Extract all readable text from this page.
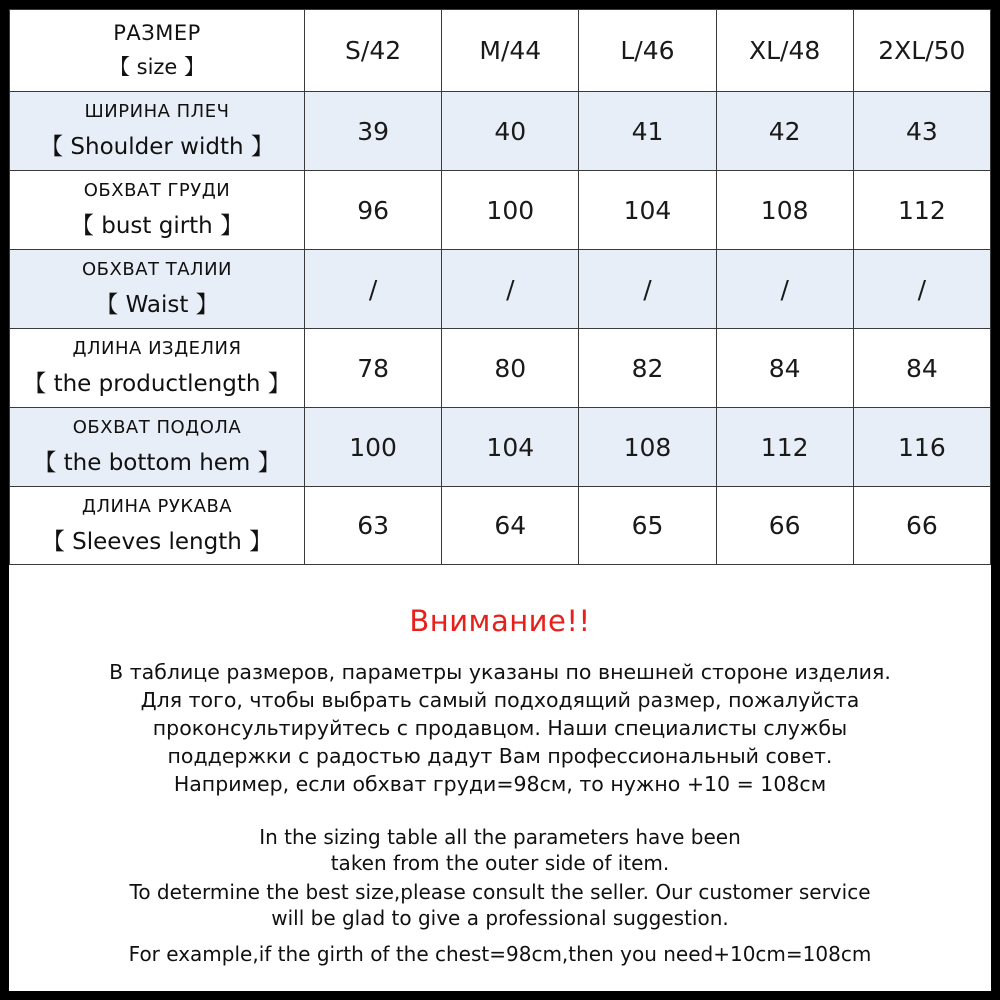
РАЗМЕР
【 size 】	S/42	M/44	L/46	XL/48	2XL/50

ШИРИНА ПЛЕЧ
【 Shoulder width 】	39	40	41	42	43

ОБХВАТ ГРУДИ
【 bust girth 】	96	100	104	108	112

ОБХВАТ ТАЛИИ
【 Waist 】	/	/	/	/	/

ДЛИНА ИЗДЕЛИЯ
【 the productlength 】	78	80	82	84	84

ОБХВАТ ПОДОЛА
【 the bottom hem 】	100	104	108	112	116

ДЛИНА РУКАВА
【 Sleeves length 】	63	64	65	66	66
Внимание!!
В таблице размеров, параметры указаны по внешней стороне изделия.
Для того, чтобы выбрать самый подходящий размер, пожалуйста
проконсультируйтесь с продавцом. Наши специалисты службы
поддержки с радостью дадут Вам профессиональный совет.
Например, если обхват груди=98см, то нужно +10 = 108см

In the sizing table all the parameters have been
taken from the outer side of item.

To determine the best size,please consult the seller. Our customer service
will be glad to give a professional suggestion.

For example,if the girth of the chest=98cm,then you need+10cm=108cm
